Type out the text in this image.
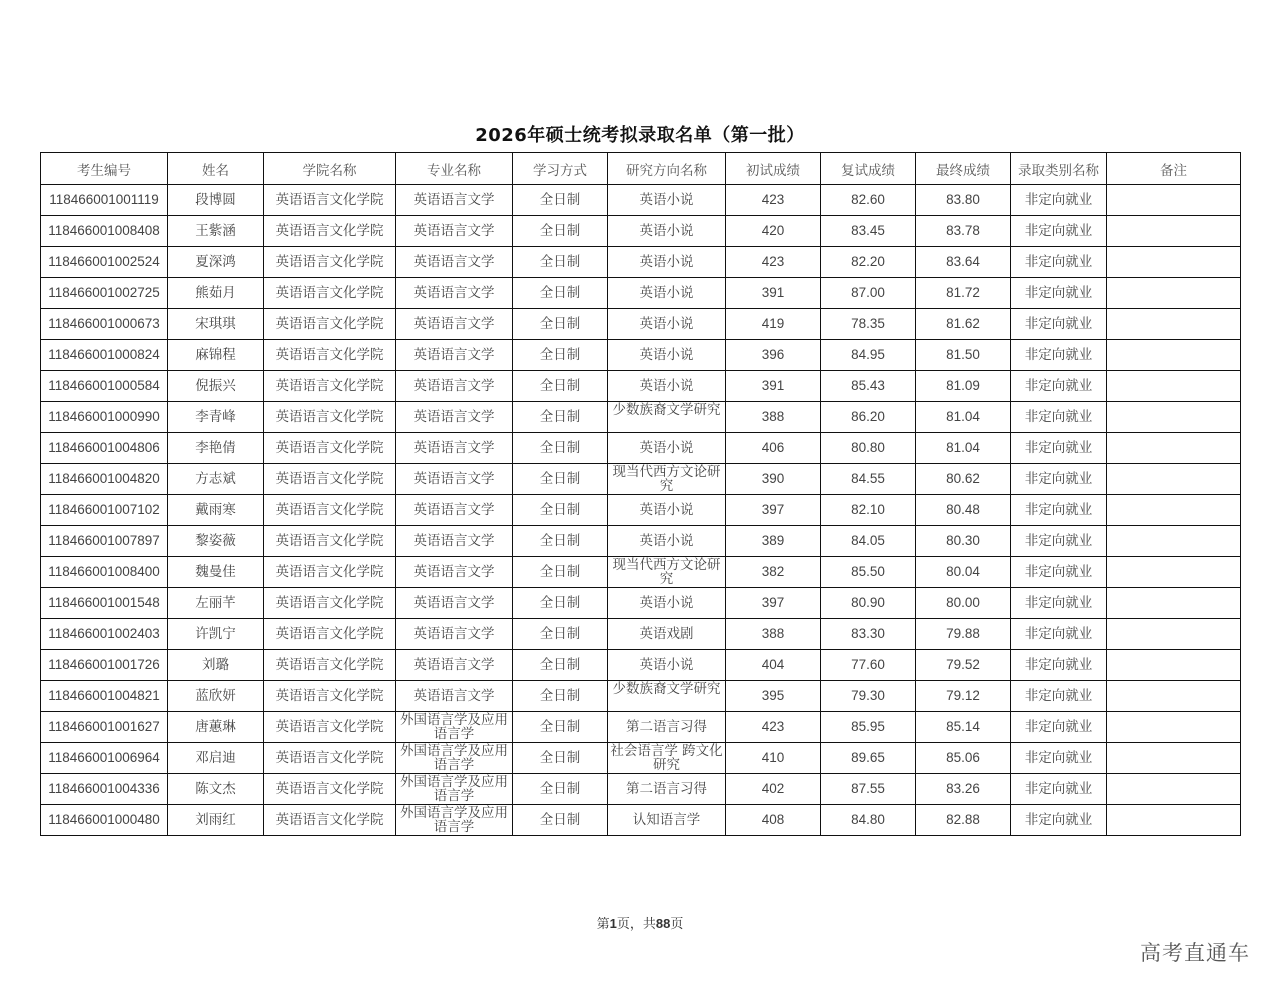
2026年硕士统考拟录取名单（第一批）
考生编号	姓名	学院名称	专业名称	学习方式	研究方向名称	初试成绩	复试成绩	最终成绩	录取类别名称	备注
118466001001119	段博圆	英语语言文化学院	英语语言文学	全日制	英语小说	423	82.60	83.80	非定向就业	
118466001008408	王紫涵	英语语言文化学院	英语语言文学	全日制	英语小说	420	83.45	83.78	非定向就业	
118466001002524	夏深鸿	英语语言文化学院	英语语言文学	全日制	英语小说	423	82.20	83.64	非定向就业	
118466001002725	熊茹月	英语语言文化学院	英语语言文学	全日制	英语小说	391	87.00	81.72	非定向就业	
118466001000673	宋琪琪	英语语言文化学院	英语语言文学	全日制	英语小说	419	78.35	81.62	非定向就业	
118466001000824	麻锦程	英语语言文化学院	英语语言文学	全日制	英语小说	396	84.95	81.50	非定向就业	
118466001000584	倪振兴	英语语言文化学院	英语语言文学	全日制	英语小说	391	85.43	81.09	非定向就业	
118466001000990	李青峰	英语语言文化学院	英语语言文学	全日制	少数族裔文学研究	388	86.20	81.04	非定向就业	
118466001004806	李艳倩	英语语言文化学院	英语语言文学	全日制	英语小说	406	80.80	81.04	非定向就业	
118466001004820	方志斌	英语语言文化学院	英语语言文学	全日制	现当代西方文论研究	390	84.55	80.62	非定向就业	
118466001007102	戴雨寒	英语语言文化学院	英语语言文学	全日制	英语小说	397	82.10	80.48	非定向就业	
118466001007897	黎姿薇	英语语言文化学院	英语语言文学	全日制	英语小说	389	84.05	80.30	非定向就业	
118466001008400	魏曼佳	英语语言文化学院	英语语言文学	全日制	现当代西方文论研究	382	85.50	80.04	非定向就业	
118466001001548	左丽芊	英语语言文化学院	英语语言文学	全日制	英语小说	397	80.90	80.00	非定向就业	
118466001002403	许凯宁	英语语言文化学院	英语语言文学	全日制	英语戏剧	388	83.30	79.88	非定向就业	
118466001001726	刘璐	英语语言文化学院	英语语言文学	全日制	英语小说	404	77.60	79.52	非定向就业	
118466001004821	蓝欣妍	英语语言文化学院	英语语言文学	全日制	少数族裔文学研究	395	79.30	79.12	非定向就业	
118466001001627	唐蕙琳	英语语言文化学院	外国语言学及应用语言学	全日制	第二语言习得	423	85.95	85.14	非定向就业	
118466001006964	邓启迪	英语语言文化学院	外国语言学及应用语言学	全日制	社会语言学 跨文化研究	410	89.65	85.06	非定向就业	
118466001004336	陈文杰	英语语言文化学院	外国语言学及应用语言学	全日制	第二语言习得	402	87.55	83.26	非定向就业	
118466001000480	刘雨红	英语语言文化学院	外国语言学及应用语言学	全日制	认知语言学	408	84.80	82.88	非定向就业	
第1页，共88页
高考直通车
